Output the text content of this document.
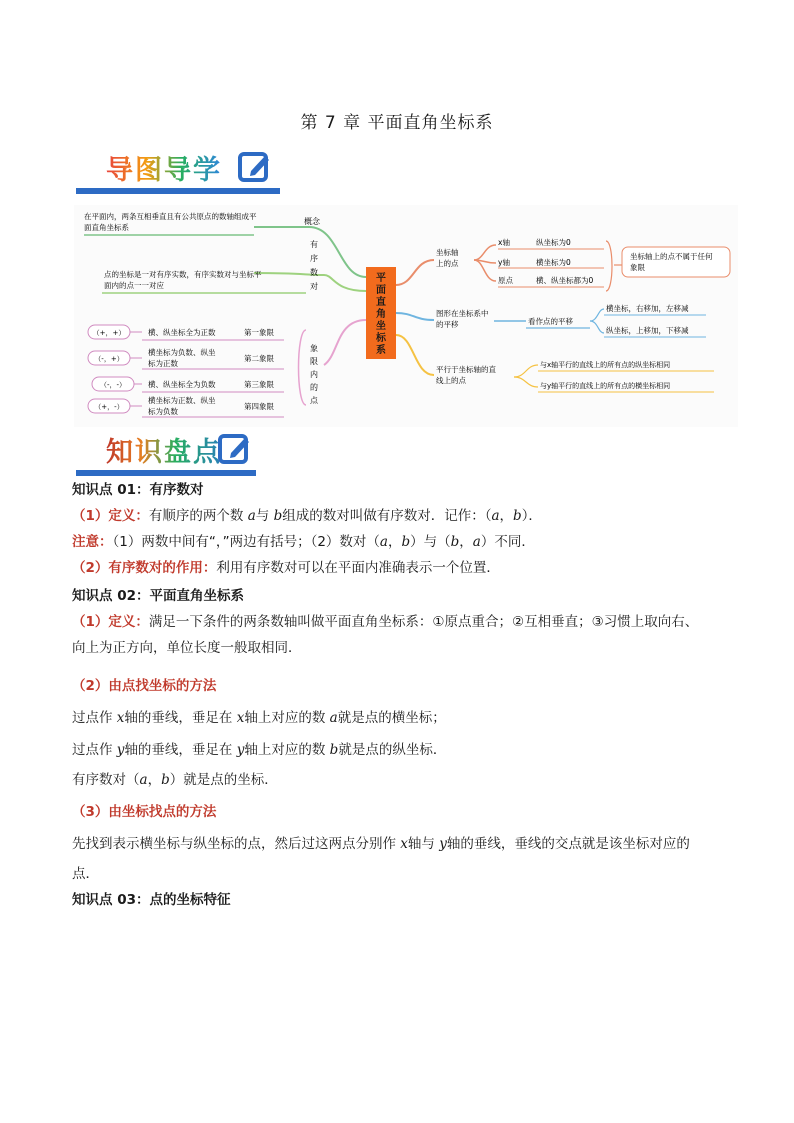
第 7 章 平面直角坐标系
导图导学
平
面
直
角
坐
标
系
概念
在平面内，两条互相垂直且有公共原点的数轴组成平
面直角坐标系
有
序
数
对
点的坐标是一对有序实数，有序实数对与坐标平
面内的点一一对应
象
限
内
的
点
（+，+）	横、纵坐标全为正数	第一象限
（-，+）
横坐标为负数、纵坐
标为正数
第二象限
（-，-）	横、纵坐标全为负数	第三象限
（+，-）
横坐标为正数、纵坐
标为负数
第四象限
坐标轴
上的点
x轴	纵坐标为0
y轴	横坐标为0
原点	横、纵坐标都为0
坐标轴上的点不属于任何
象限
图形在坐标系中
的平移	看作点的平移
横坐标，右移加，左移减
纵坐标，上移加，下移减
平行于坐标轴的直
线上的点
与x轴平行的直线上的所有点的纵坐标相同
与y轴平行的直线上的所有点的横坐标相同
知识盘点
知识点 01：有序数对
（1）定义：有顺序的两个数 a与 b组成的数对叫做有序数对．记作：（a，b）．
注意：（1）两数中间有“，”两边有括号；（2）数对（a，b）与（b，a）不同．
（2）有序数对的作用：利用有序数对可以在平面内准确表示一个位置．
知识点 02：平面直角坐标系
（1）定义：满足一下条件的两条数轴叫做平面直角坐标系：①原点重合；②互相垂直；③习惯上取向右、
向上为正方向，单位长度一般取相同．
（2）由点找坐标的方法
过点作 x轴的垂线，垂足在 x轴上对应的数 a就是点的横坐标；
过点作 y轴的垂线，垂足在 y轴上对应的数 b就是点的纵坐标．
有序数对（a，b）就是点的坐标．
（3）由坐标找点的方法
先找到表示横坐标与纵坐标的点，然后过这两点分别作 x轴与 y轴的垂线，垂线的交点就是该坐标对应的
点．
知识点 03：点的坐标特征
